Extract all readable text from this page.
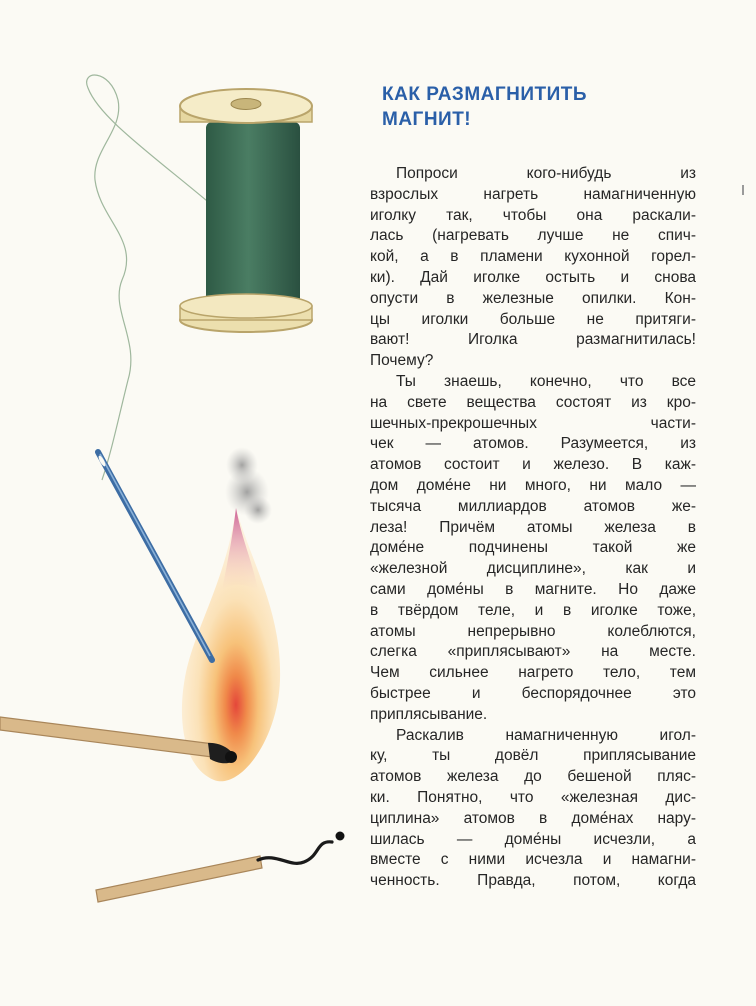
КАК РАЗМАГНИТИТЬ
МАГНИТ!

Попроси кого-нибудь из

взрослых нагреть намагниченную

иголку так, чтобы она раскали-

лась (нагревать лучше не спич-

кой, а в пламени кухонной горел-

ки). Дай иголке остыть и снова

опусти в железные опилки. Кон-

цы иголки больше не притяги-

вают! Иголка размагнитилась!

Почему?

Ты знаешь, конечно, что все

на свете вещества состоят из кро-

шечных-прекрошечных части-

чек — атомов. Разумеется, из

атомов состоит и железо. В каж-

дом доме́не ни много, ни мало —

тысяча миллиардов атомов же-

леза! Причём атомы железа в

доме́не подчинены такой же

«железной дисциплине», как и

сами доме́ны в магните. Но даже

в твёрдом теле, и в иголке тоже,

атомы непрерывно колеблются,

слегка «приплясывают» на месте.

Чем сильнее нагрето тело, тем

быстрее и беспорядочнее это

приплясывание.

Раскалив намагниченную игол-

ку, ты довёл приплясывание

атомов железа до бешеной пляс-

ки. Понятно, что «железная дис-

циплина» атомов в доме́нах нару-

шилась — доме́ны исчезли, а

вместе с ними исчезла и намагни-

ченность. Правда, потом, когда
